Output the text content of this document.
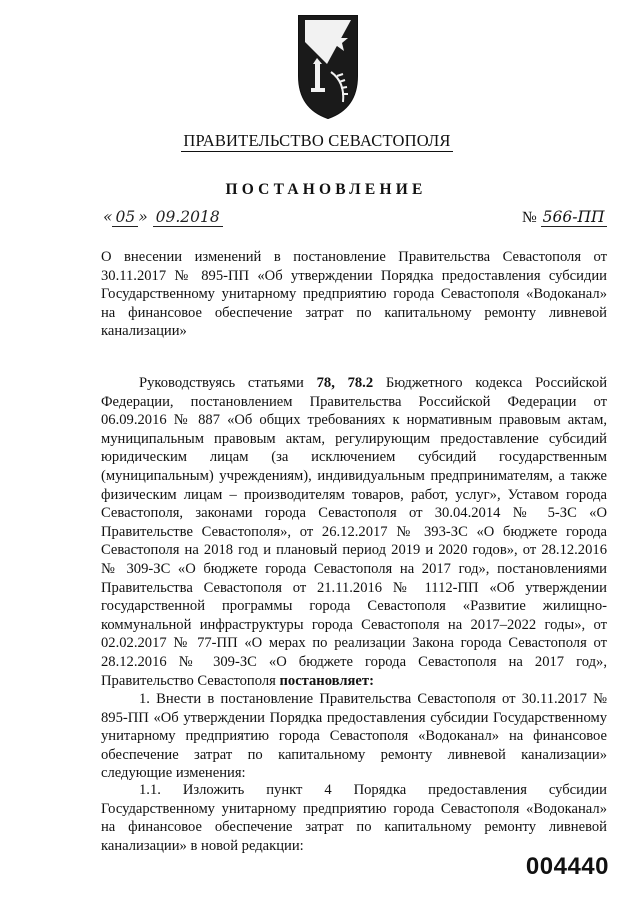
ПРАВИТЕЛЬСТВО СЕВАСТОПОЛЯ
ПОСТАНОВЛЕНИЕ
« 05 » 09.2018	№ 566-ПП
О внесении изменений в постановление Правительства Севастополя от 30.11.2017 № 895-ПП «Об утверждении Порядка предоставления субсидии Государственному унитарному предприятию города Севастополя «Водоканал» на финансовое обеспечение затрат по капитальному ремонту ливневой канализации»
Руководствуясь статьями 78, 78.2 Бюджетного кодекса Российской Федерации, постановлением Правительства Российской Федерации от 06.09.2016 № 887 «Об общих требованиях к нормативным правовым актам, муниципальным правовым актам, регулирующим предоставление субсидий юридическим лицам (за исключением субсидий государственным (муниципальным) учреждениям), индивидуальным предпринимателям, а также физическим лицам – производителям товаров, работ, услуг», Уставом города Севастополя, законами города Севастополя от 30.04.2014 № 5-ЗС «О Правительстве Севастополя», от 26.12.2017 № 393-ЗС «О бюджете города Севастополя на 2018 год и плановый период 2019 и 2020 годов», от 28.12.2016 № 309-ЗС «О бюджете города Севастополя на 2017 год», постановлениями Правительства Севастополя от 21.11.2016 № 1112-ПП «Об утверждении государственной программы города Севастополя «Развитие жилищно-коммунальной инфраструктуры города Севастополя на 2017–2022 годы», от 02.02.2017 № 77-ПП «О мерах по реализации Закона города Севастополя от 28.12.2016 № 309-ЗС «О бюджете города Севастополя на 2017 год», Правительство Севастополя постановляет:
1. Внести в постановление Правительства Севастополя от 30.11.2017 № 895-ПП «Об утверждении Порядка предоставления субсидии Государственному унитарному предприятию города Севастополя «Водоканал» на финансовое обеспечение затрат по капитальному ремонту ливневой канализации» следующие изменения:
1.1. Изложить пункт 4 Порядка предоставления субсидии Государственному унитарному предприятию города Севастополя «Водоканал» на финансовое обеспечение затрат по капитальному ремонту ливневой канализации» в новой редакции:
004440
